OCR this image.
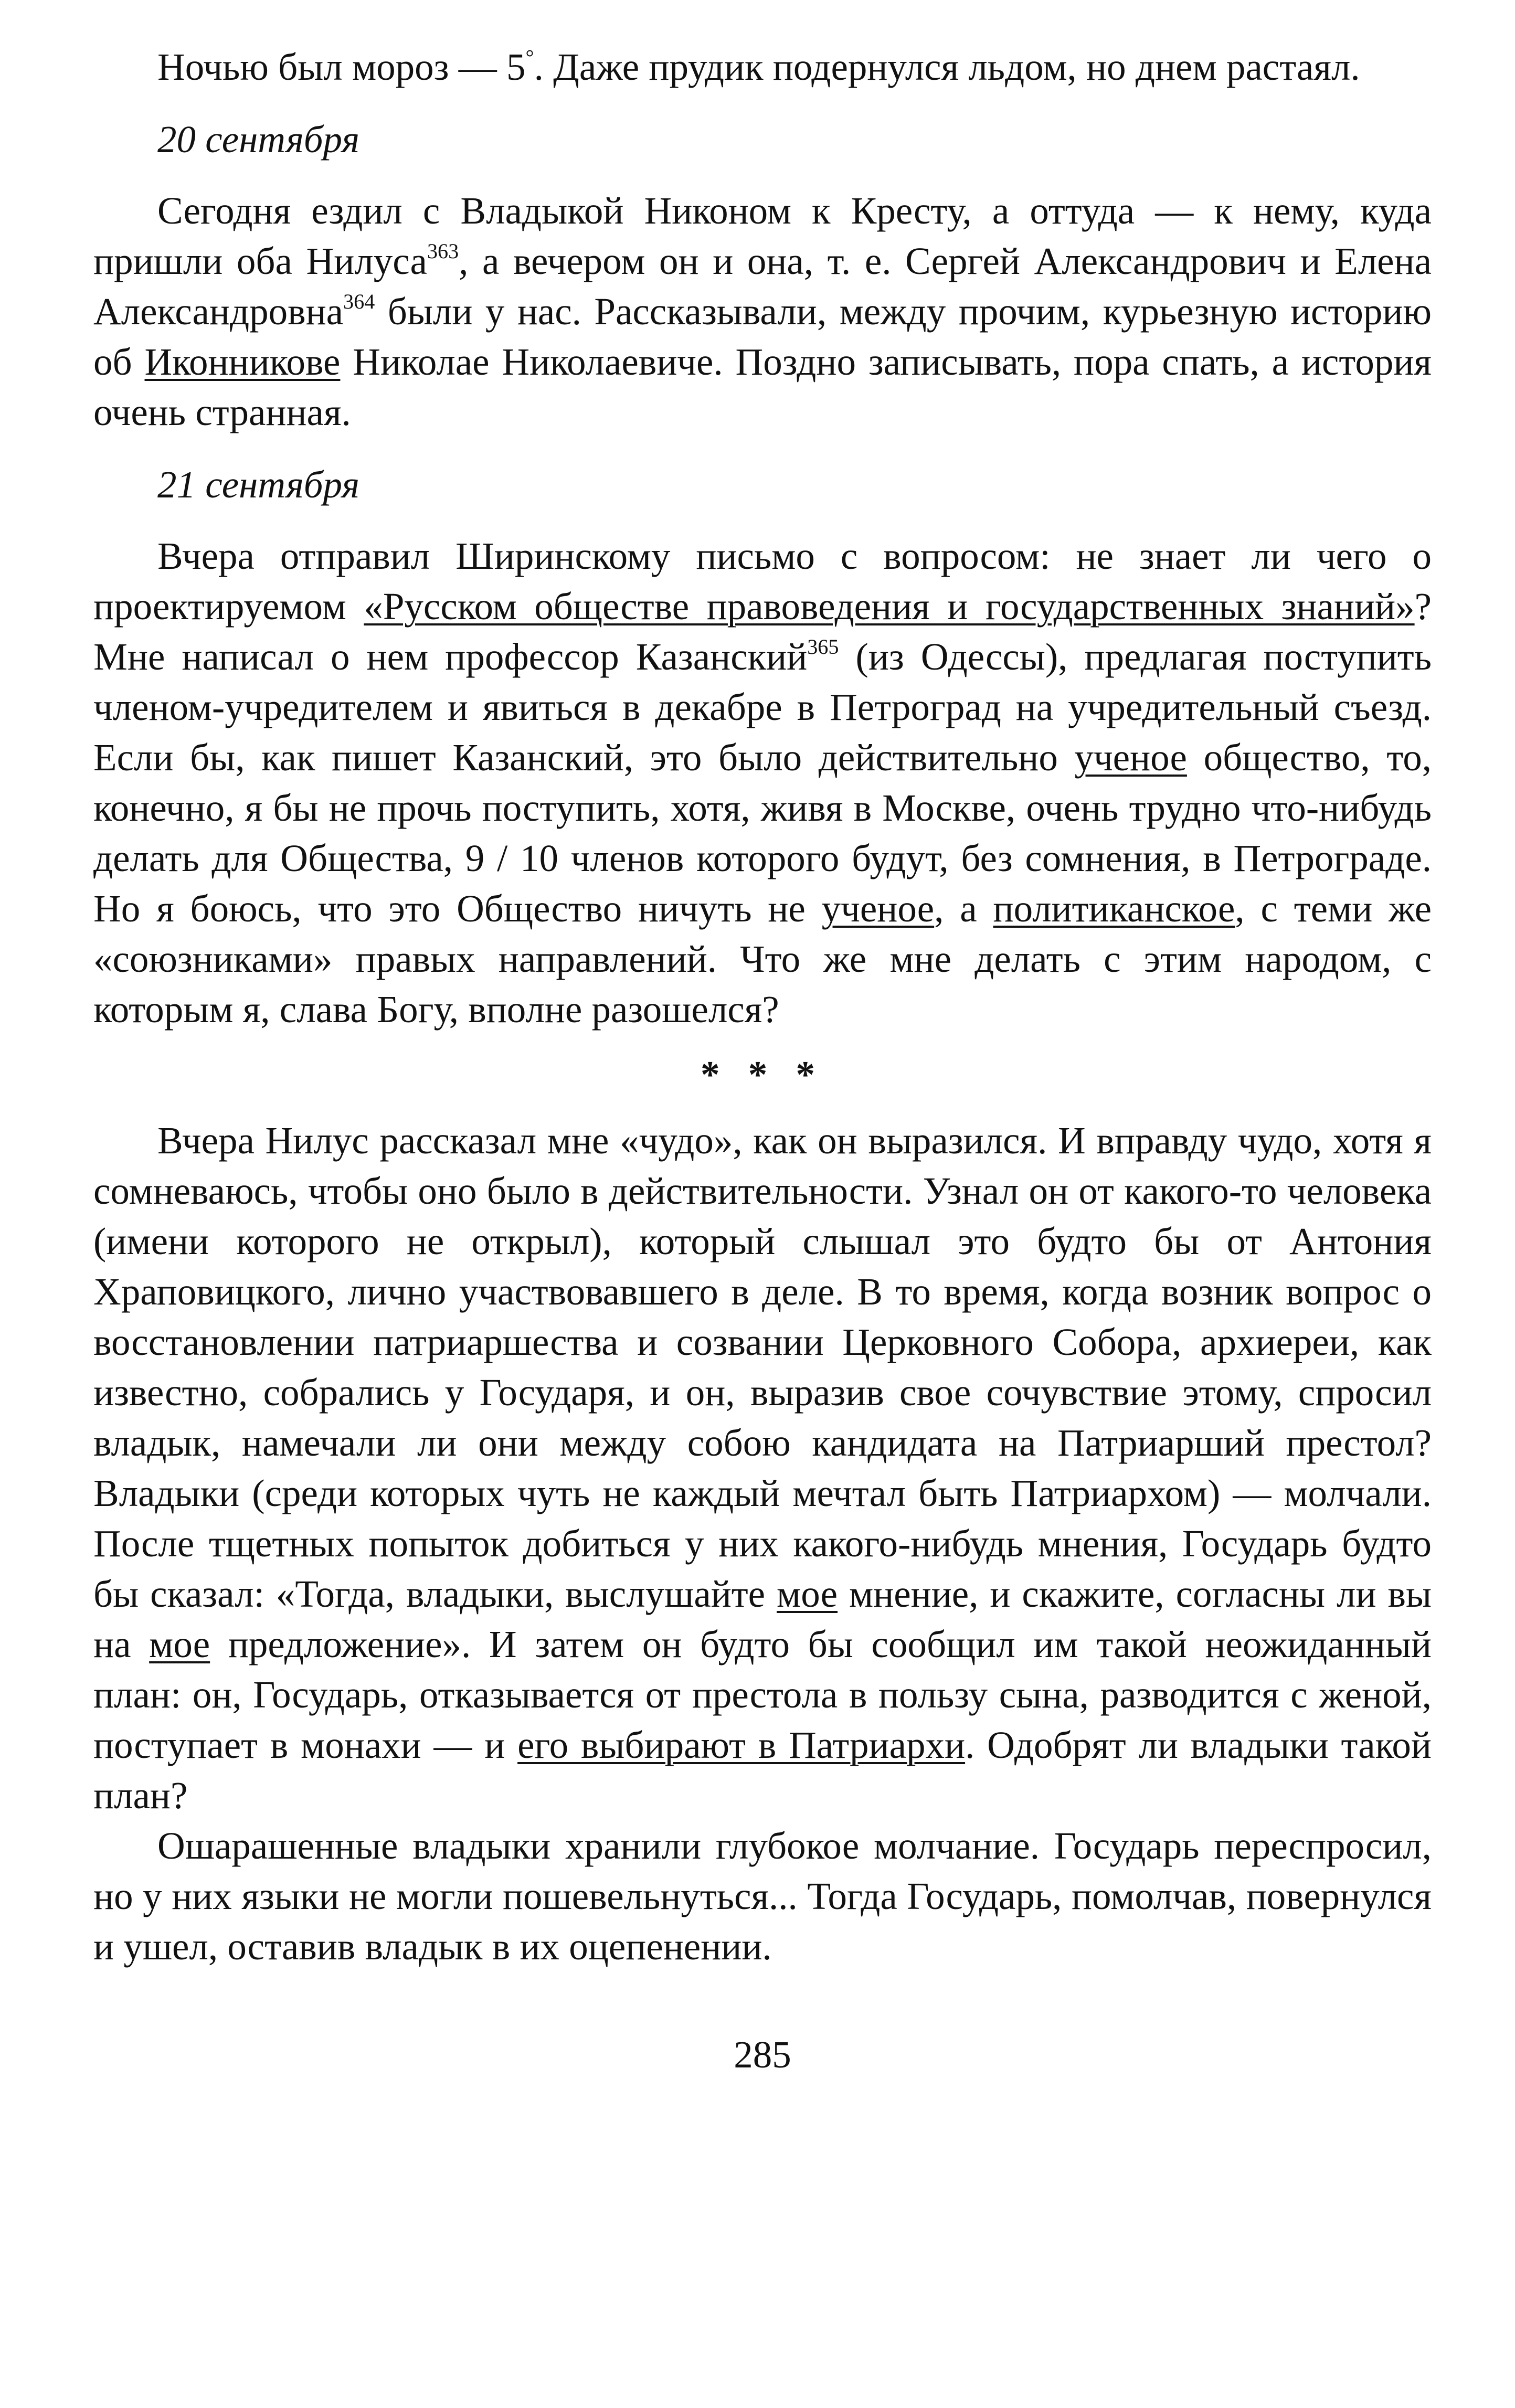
Ночью был мороз — 5°. Даже прудик подернулся льдом, но днем растаял.

20 сентября

Сегодня ездил с Владыкой Никоном к Кресту, а оттуда — к нему, куда пришли оба Нилуса$^{363}$, а вечером он и она, т. е. Сергей Александрович и Елена Александровна$^{364}$ были у нас. Рассказывали, между прочим, курьезную историю об Иконникове Николае Николаевиче. Поздно записывать, пора спать, а история очень странная.

21 сентября

Вчера отправил Ширинскому письмо с вопросом: не знает ли чего о проектируемом «Русском обществе правоведения и государственных знаний»? Мне написал о нем профессор Казанский$^{365}$ (из Одессы), предлагая поступить членом-учредителем и явиться в декабре в Петроград на учредительный съезд. Если бы, как пишет Казанский, это было действительно ученое общество, то, конечно, я бы не прочь поступить, хотя, живя в Москве, очень трудно что-нибудь делать для Общества, 9 / 10 членов которого будут, без сомнения, в Петрограде. Но я боюсь, что это Общество ничуть не ученое, а политиканское, с теми же «союзниками» правых направлений. Что же мне делать с этим народом, с которым я, слава Богу, вполне разошелся?

* * *

Вчера Нилус рассказал мне «чудо», как он выразился. И вправду чудо, хотя я сомневаюсь, чтобы оно было в действительности. Узнал он от какого-то человека (имени которого не открыл), который слышал это будто бы от Антония Храповицкого, лично участвовавшего в деле. В то время, когда возник вопрос о восстановлении патриаршества и созвании Церковного Собора, архиереи, как известно, собрались у Государя, и он, выразив свое сочувствие этому, спросил владык, намечали ли они между собою кандидата на Патриарший престол? Владыки (среди которых чуть не каждый мечтал быть Патриархом) — молчали. После тщетных попыток добиться у них какого-нибудь мнения, Государь будто бы сказал: «Тогда, владыки, выслушайте мое мнение, и скажите, согласны ли вы на мое предложение». И затем он будто бы сообщил им такой неожиданный план: он, Государь, отказывается от престола в пользу сына, разводится с женой, поступает в монахи — и его выбирают в Патриархи. Одобрят ли владыки такой план?

Ошарашенные владыки хранили глубокое молчание. Государь переспросил, но у них языки не могли пошевельнуться... Тогда Государь, помолчав, повернулся и ушел, оставив владык в их оцепенении.

285
